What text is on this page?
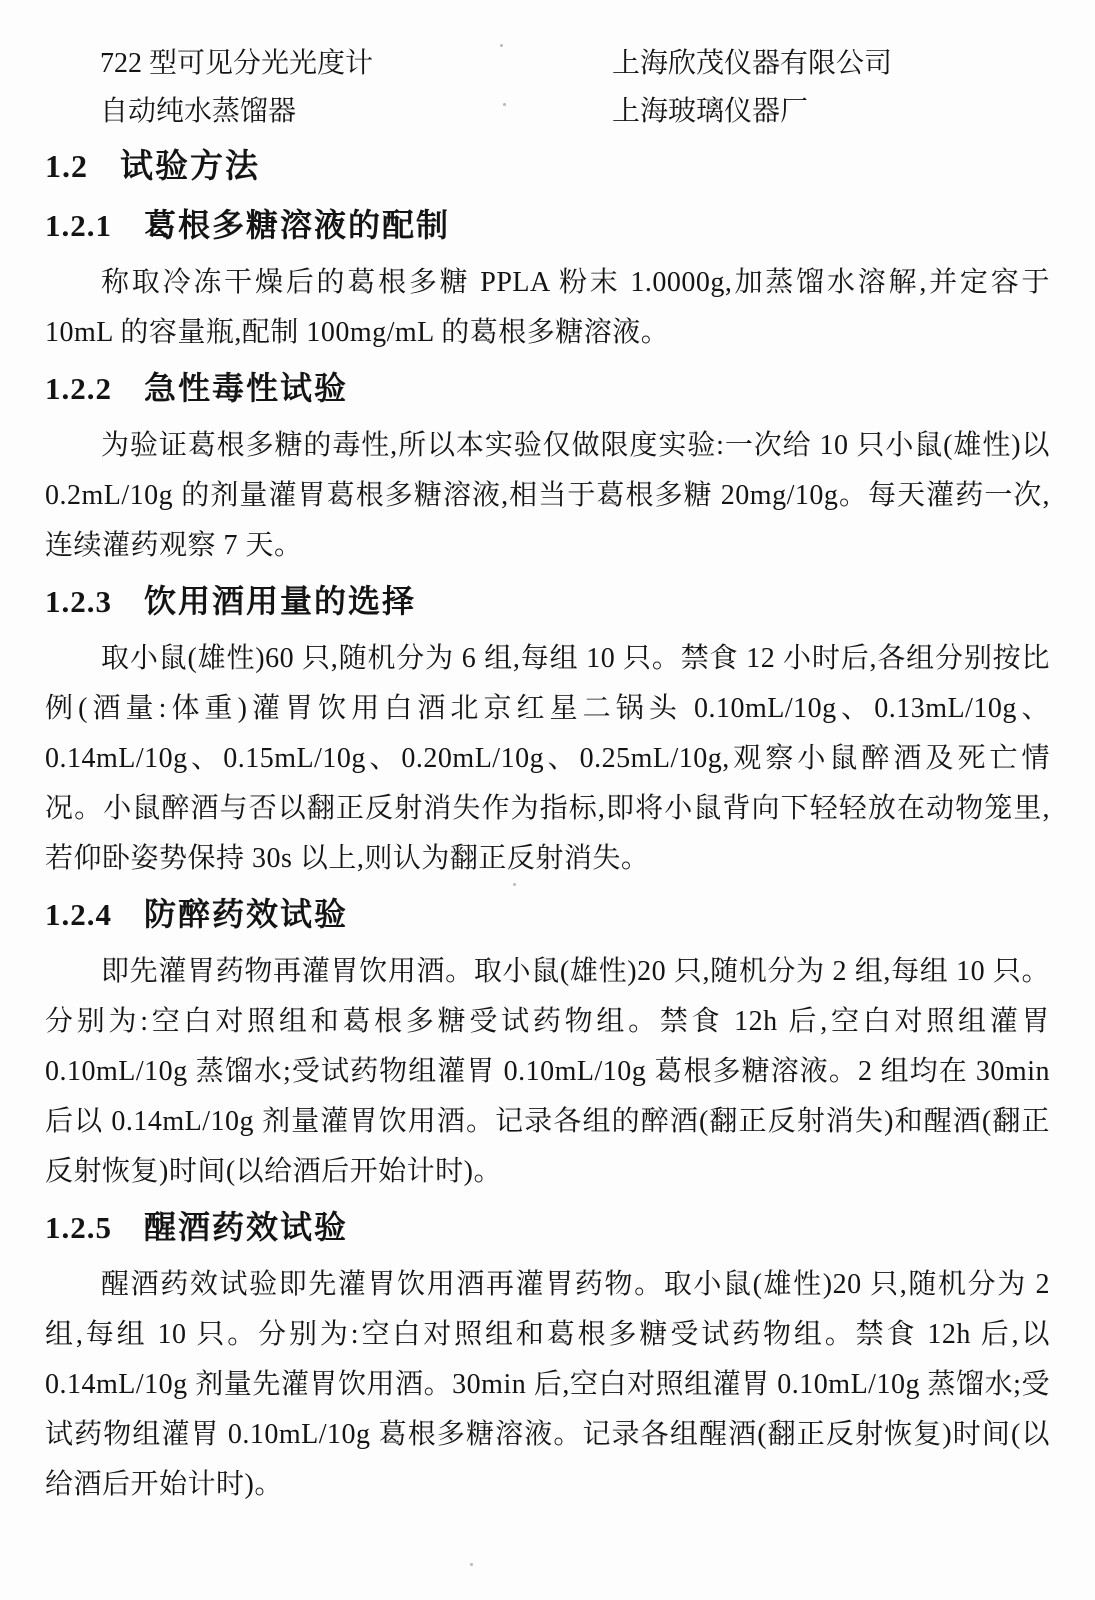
722 型可见分光光度计	上海欣茂仪器有限公司
自动纯水蒸馏器	上海玻璃仪器厂
1.2 试验方法
1.2.1 葛根多糖溶液的配制

称取冷冻干燥后的葛根多糖 PPLA 粉末 1.0000g,加蒸馏水溶解,并定容于 10mL 的容量瓶,配制 100mg/mL 的葛根多糖溶液。

1.2.2 急性毒性试验

为验证葛根多糖的毒性,所以本实验仅做限度实验:一次给 10 只小鼠(雄性)以 0.2mL/10g 的剂量灌胃葛根多糖溶液,相当于葛根多糖 20mg/10g。每天灌药一次,连续灌药观察 7 天。

1.2.3 饮用酒用量的选择

取小鼠(雄性)60 只,随机分为 6 组,每组 10 只。禁食 12 小时后,各组分别按比例(酒量:体重)灌胃饮用白酒北京红星二锅头 0.10mL/10g、0.13mL/10g、0.14mL/10g、0.15mL/10g、0.20mL/10g、0.25mL/10g,观察小鼠醉酒及死亡情况。小鼠醉酒与否以翻正反射消失作为指标,即将小鼠背向下轻轻放在动物笼里,若仰卧姿势保持 30s 以上,则认为翻正反射消失。

1.2.4 防醉药效试验

即先灌胃药物再灌胃饮用酒。取小鼠(雄性)20 只,随机分为 2 组,每组 10 只。分别为:空白对照组和葛根多糖受试药物组。禁食 12h 后,空白对照组灌胃 0.10mL/10g 蒸馏水;受试药物组灌胃 0.10mL/10g 葛根多糖溶液。2 组均在 30min 后以 0.14mL/10g 剂量灌胃饮用酒。记录各组的醉酒(翻正反射消失)和醒酒(翻正反射恢复)时间(以给酒后开始计时)。

1.2.5 醒酒药效试验

醒酒药效试验即先灌胃饮用酒再灌胃药物。取小鼠(雄性)20 只,随机分为 2 组,每组 10 只。分别为:空白对照组和葛根多糖受试药物组。禁食 12h 后,以 0.14mL/10g 剂量先灌胃饮用酒。30min 后,空白对照组灌胃 0.10mL/10g 蒸馏水;受试药物组灌胃 0.10mL/10g 葛根多糖溶液。记录各组醒酒(翻正反射恢复)时间(以给酒后开始计时)。
